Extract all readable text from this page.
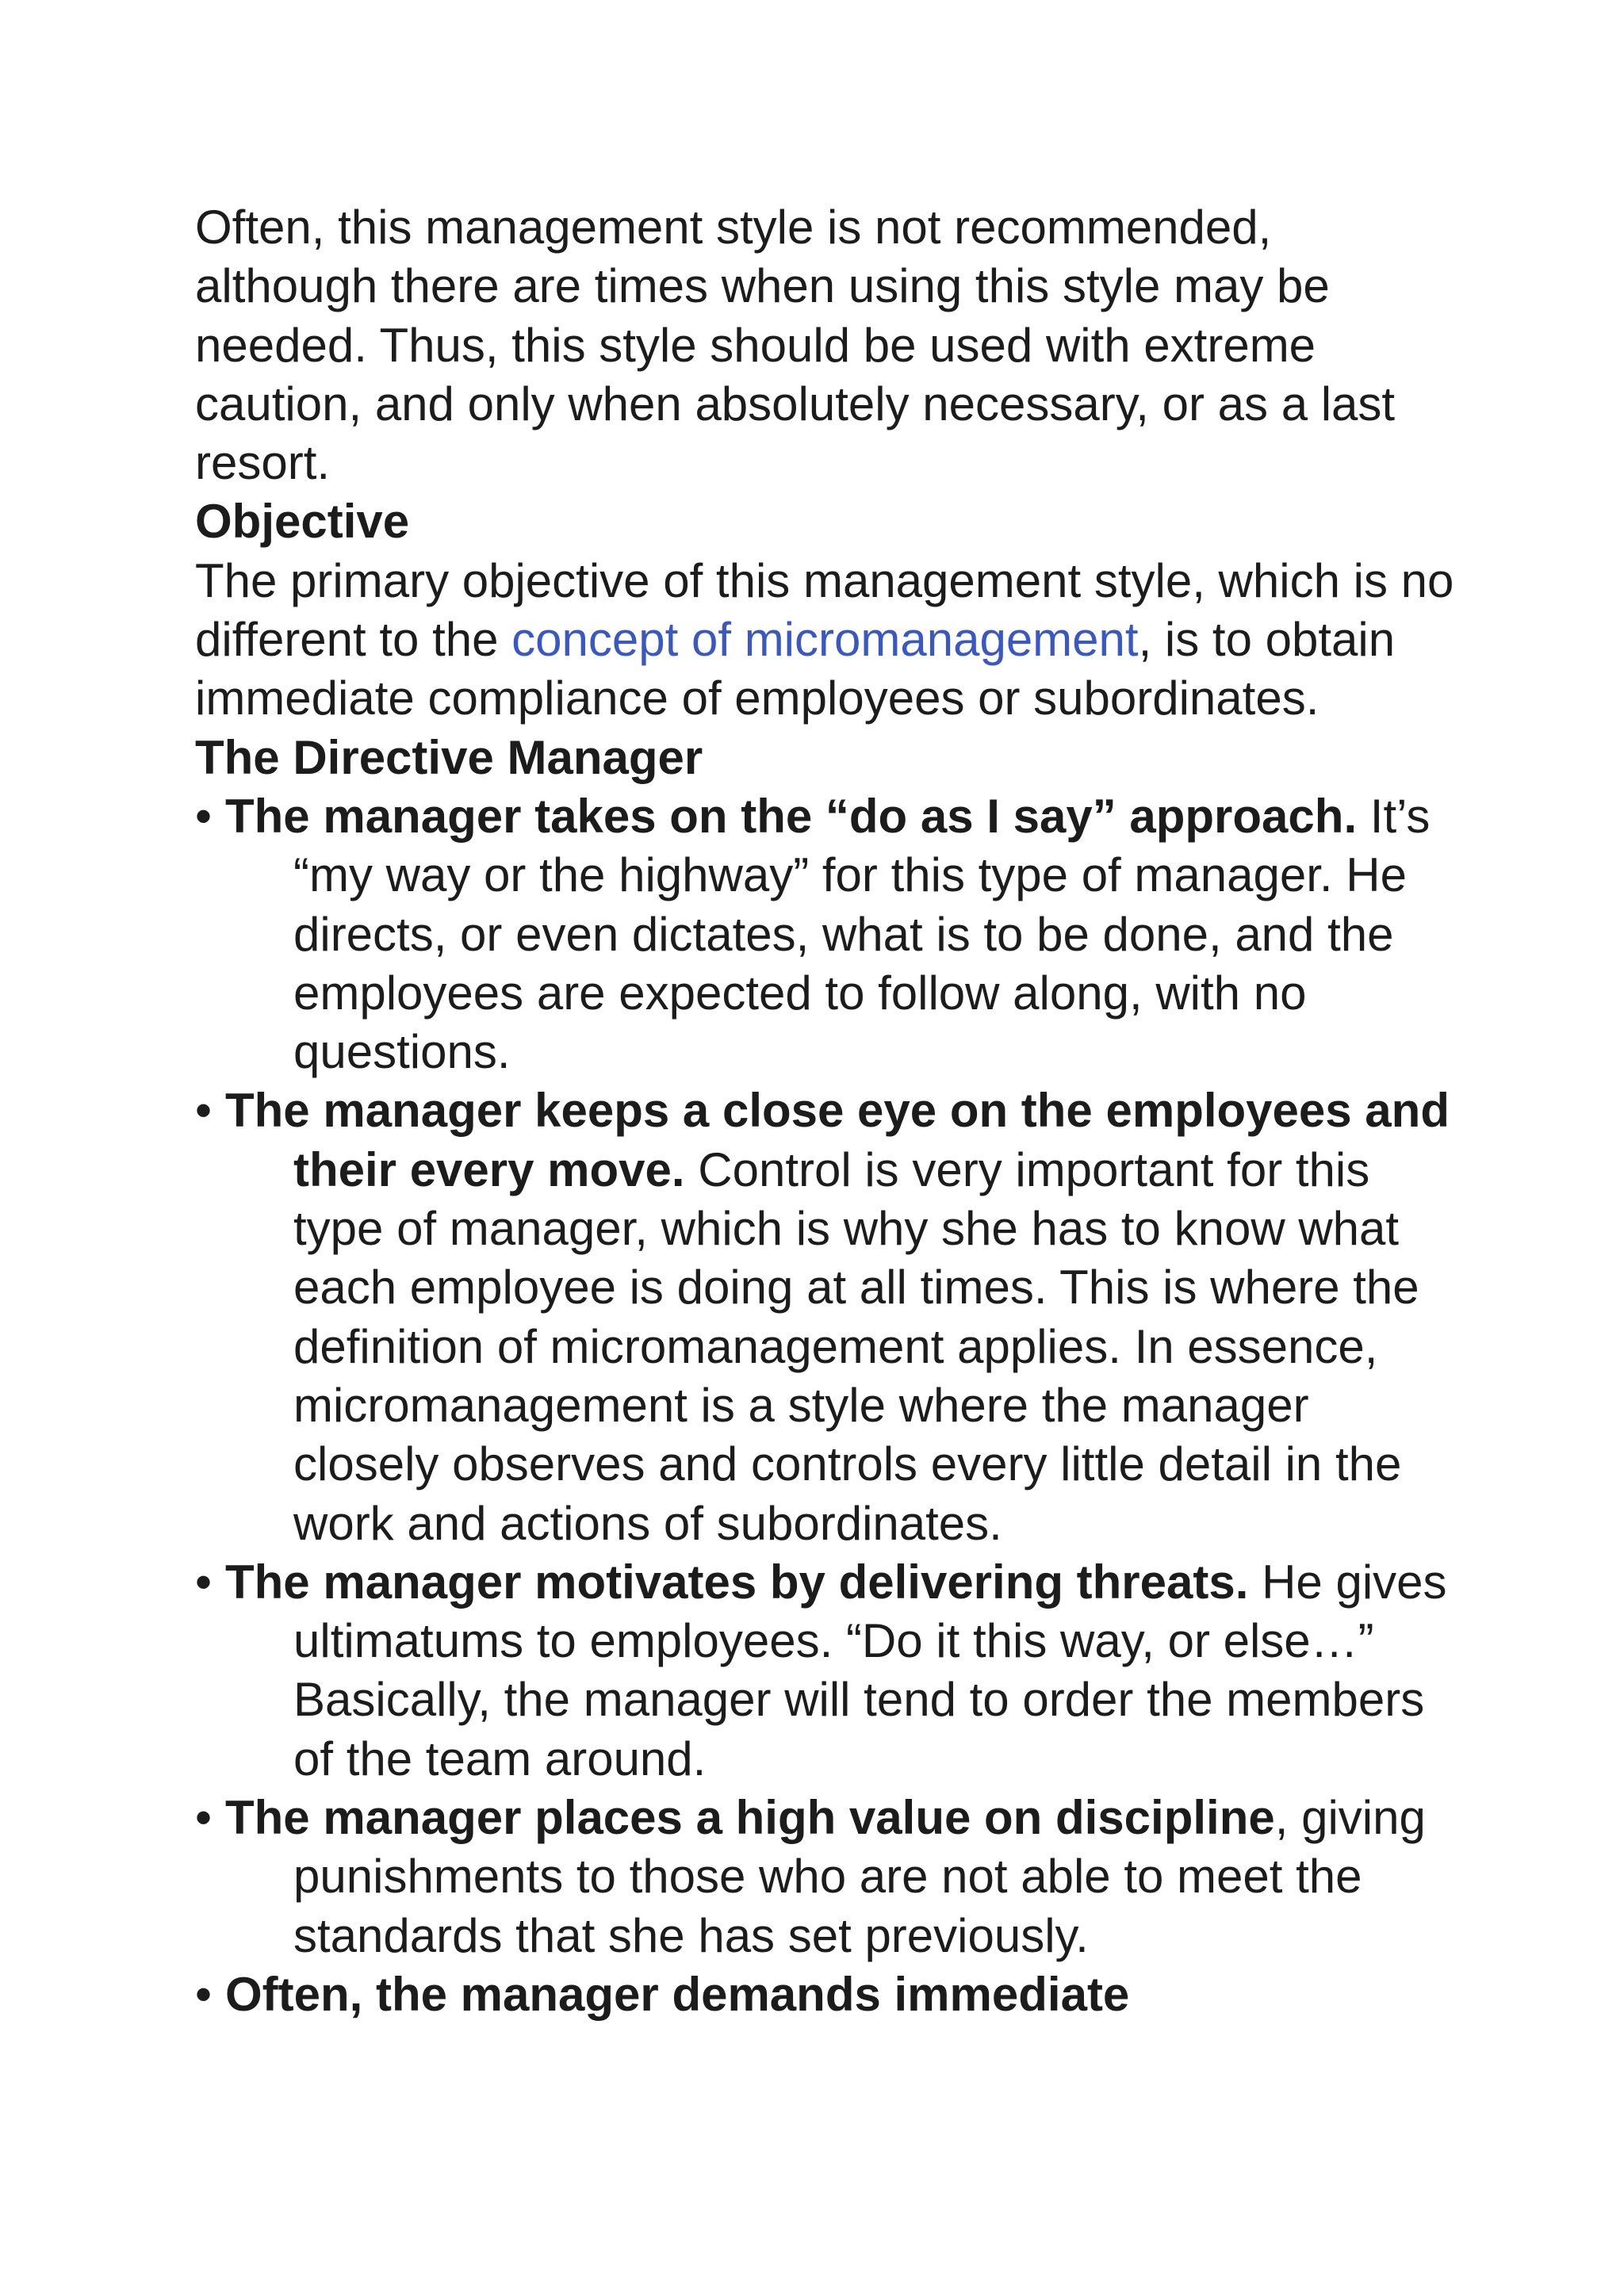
Often, this management style is not recommended, although there are times when using this style may be needed. Thus, this style should be used with extreme caution, and only when absolutely necessary, or as a last resort.

Objective

The primary objective of this management style, which is no different to the concept of micromanagement, is to obtain immediate compliance of employees or subordinates.

The Directive Manager

• The manager takes on the “do as I say” approach. It’s “my way or the highway” for this type of manager. He directs, or even dictates, what is to be done, and the employees are expected to follow along, with no questions.
• The manager keeps a close eye on the employees and their every move. Control is very important for this type of manager, which is why she has to know what each employee is doing at all times. This is where the definition of micromanagement applies. In essence, micromanagement is a style where the manager closely observes and controls every little detail in the work and actions of subordinates.
• The manager motivates by delivering threats. He gives ultimatums to employees. “Do it this way, or else…” Basically, the manager will tend to order the members of the team around.
• The manager places a high value on discipline, giving punishments to those who are not able to meet the standards that she has set previously.
• Often, the manager demands immediate
